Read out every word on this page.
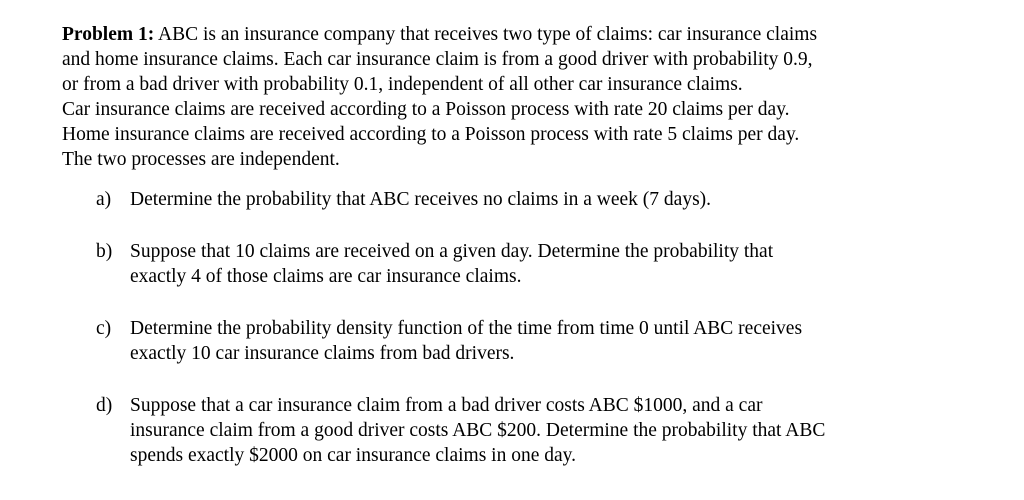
Problem 1: ABC is an insurance company that receives two type of claims: car insurance claims
and home insurance claims. Each car insurance claim is from a good driver with probability 0.9,
or from a bad driver with probability 0.1, independent of all other car insurance claims.
Car insurance claims are received according to a Poisson process with rate 20 claims per day.
Home insurance claims are received according to a Poisson process with rate 5 claims per day.
The two processes are independent.

a) Determine the probability that ABC receives no claims in a week (7 days).
b) Suppose that 10 claims are received on a given day. Determine the probability that
exactly 4 of those claims are car insurance claims.
c) Determine the probability density function of the time from time 0 until ABC receives
exactly 10 car insurance claims from bad drivers.
d) Suppose that a car insurance claim from a bad driver costs ABC $1000, and a car
insurance claim from a good driver costs ABC $200. Determine the probability that ABC
spends exactly $2000 on car insurance claims in one day.
